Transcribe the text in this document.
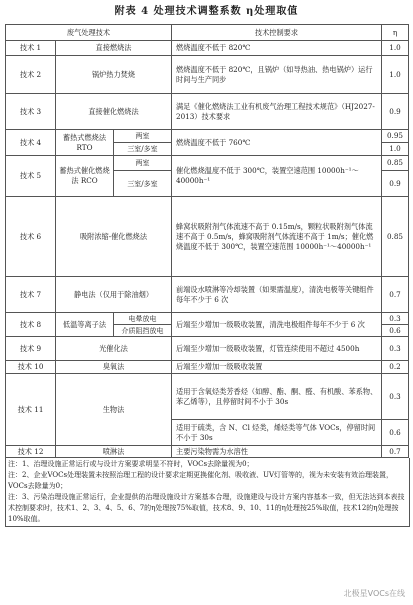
附表 4 处理技术调整系数 η处理取值
废气处理技术			技术控制要求	η
技术 1	直接燃烧法		燃烧温度不低于 820℃	1.0
技术 2	锅炉热力焚烧		燃烧温度不低于 820℃，且锅炉（如导热油、热电锅炉）运行时间与生产同步	1.0
技术 3	直接催化燃烧法		满足《催化燃烧法工业有机废气治理工程技术规范》（HJ2027-2013）技术要求	0.9
技术 4	蓄热式燃烧法 RTO	两室	燃烧温度不低于 760℃	0.95
		三室/多室		1.0
技术 5	蓄热式催化燃烧法 RCO	两室	催化燃烧温度不低于 300℃，装置空速范围 10000h⁻¹～40000h⁻¹	0.85
		三室/多室		0.9
技术 6	吸附浓缩-催化燃烧法		蜂窝状吸附剂气体流速不高于 0.15m/s，颗粒状吸附剂气体流速不高于 0.5m/s，蜂窝吸附剂气体流速不高于 1m/s；催化燃烧温度不低于 300℃，装置空速范围 10000h⁻¹～40000h⁻¹	0.85
技术 7	静电法（仅用于除油烟）		前端设水喷淋等冷却装置（如果需温度），清洗电极等关键组件每年不少于 6 次	0.7
技术 8	低温等离子法	电晕放电	后端至少增加一级吸收装置，清洗电极组件每年不少于 6 次	0.3
		介质阻挡放电		0.6
技术 9	光催化法		后端至少增加一级吸收装置，灯管连续使用不超过 4500h	0.3
技术 10	臭氧法		后端至少增加一级吸收装置	0.2
技术 11	生物法		适用于含氧烃类芳香烃（如醇、酯、酮、醛、有机酸、苯系物、苯乙烯等），且停留时间不小于 30s	0.3
			适用于硫类，含 N、Cl 烃类，烯烃类等气体 VOCs，停留时间不小于 30s	0.6
技术 12	喷淋法		主要污染物需为水溶性	0.7
注：1、治理设施正常运行或与设计方案要求明显不符时，VOCs去除量视为0；
注：2、企业VOCs处理装置未按照治理工程的设计要求定期更换催化剂、吸收液、UV灯管等的，视为未安装有效治理装置，VOCs去除量为0；
注：3、污染治理设施正常运行，企业提供的治理设施设计方案基本合理，设施建设与设计方案内容基本一致，但无法达到本表技术控制要求时，技术1、2、3、4、5、6、7的η处理按75%取值，技术8、9、10、11的η处理按25%取值，技术12的η处理按10%取值。
北极星VOCs在线
